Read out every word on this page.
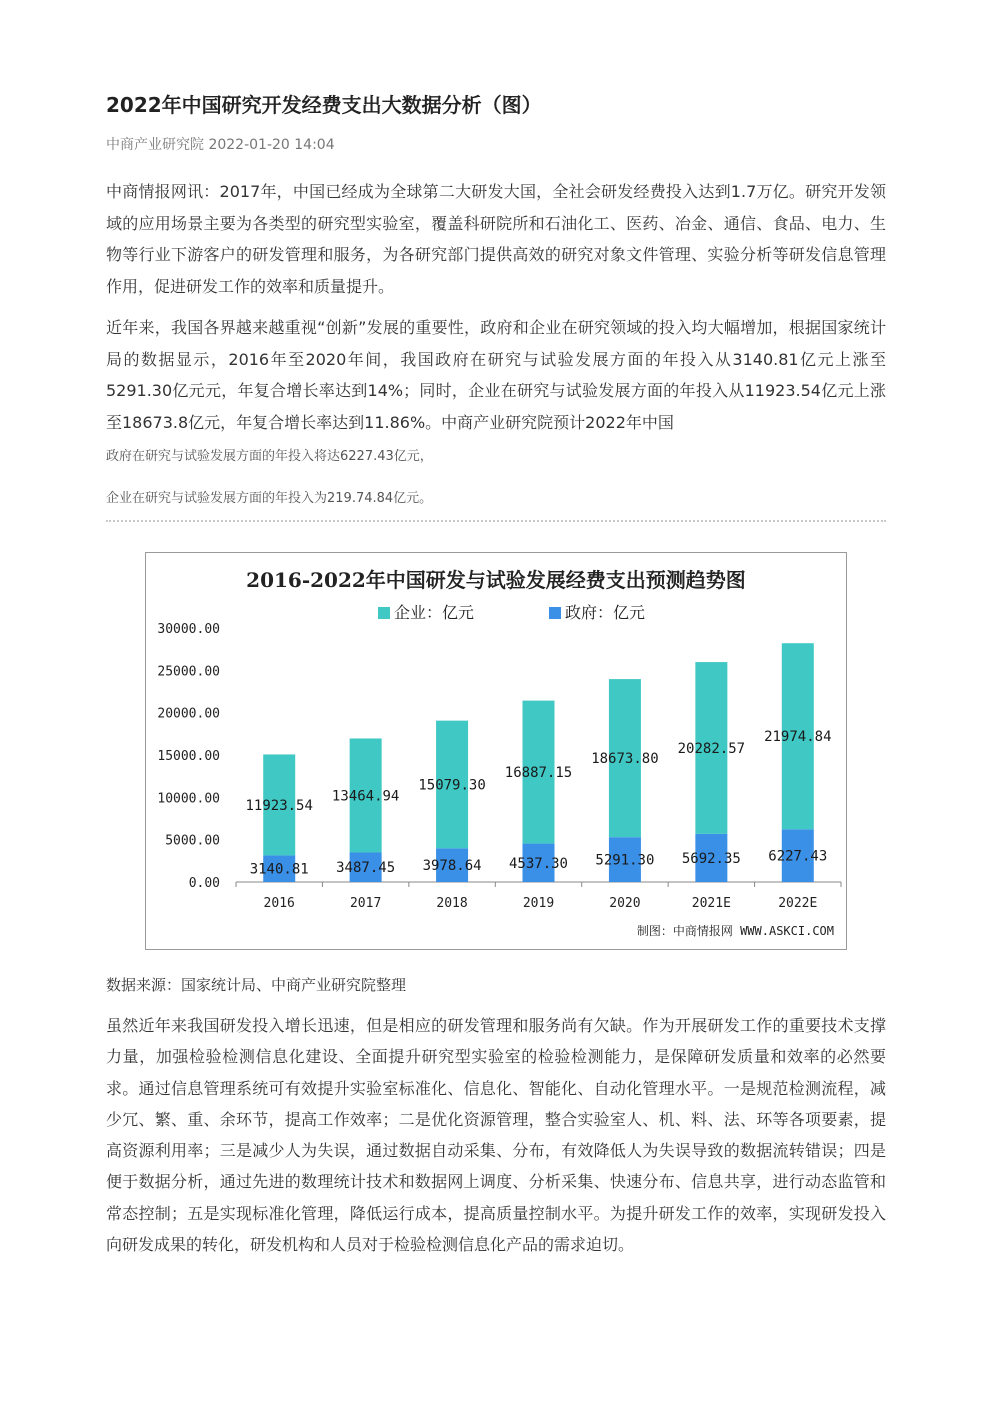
2022年中国研究开发经费支出大数据分析（图）
中商产业研究院 2022-01-20 14:04

中商情报网讯：2017年，中国已经成为全球第二大研发大国，全社会研发经费投入达到1.7万亿。研究开发领域的应用场景主要为各类型的研究型实验室，覆盖科研院所和石油化工、医药、冶金、通信、食品、电力、生物等行业下游客户的研发管理和服务，为各研究部门提供高效的研究对象文件管理、实验分析等研发信息管理作用，促进研发工作的效率和质量提升。

近年来，我国各界越来越重视“创新”发展的重要性，政府和企业在研究领域的投入均大幅增加，根据国家统计局的数据显示，2016年至2020年间，我国政府在研究与试验发展方面的年投入从3140.81亿元上涨至5291.30亿元元，年复合增长率达到14%；同时，企业在研究与试验发展方面的年投入从11923.54亿元上涨至18673.8亿元，年复合增长率达到11.86%。中商产业研究院预计2022年中国

政府在研究与试验发展方面的年投入将达6227.43亿元，
企业在研究与试验发展方面的年投入为219.74.84亿元。
2016-2022年中国研发与试验发展经费支出预测趋势图
企业：亿元	政府：亿元
0.00
5000.00
10000.00
15000.00
20000.00
25000.00
30000.00
2016	2017	2018	2019	2020	2021E	2022E
11923.54
3140.81
13464.94
3487.45
15079.30
3978.64
16887.15
4537.30
18673.80
5291.30
20282.57
5692.35
21974.84
6227.43
制图：中商情报网 WWW.ASKCI.COM
数据来源：国家统计局、中商产业研究院整理

虽然近年来我国研发投入增长迅速，但是相应的研发管理和服务尚有欠缺。作为开展研发工作的重要技术支撑力量，加强检验检测信息化建设、全面提升研究型实验室的检验检测能力，是保障研发质量和效率的必然要求。通过信息管理系统可有效提升实验室标准化、信息化、智能化、自动化管理水平。一是规范检测流程，减少冗、繁、重、余环节，提高工作效率；二是优化资源管理，整合实验室人、机、料、法、环等各项要素，提高资源利用率；三是减少人为失误，通过数据自动采集、分布，有效降低人为失误导致的数据流转错误；四是便于数据分析，通过先进的数理统计技术和数据网上调度、分析采集、快速分布、信息共享，进行动态监管和常态控制；五是实现标准化管理，降低运行成本，提高质量控制水平。为提升研发工作的效率，实现研发投入向研发成果的转化，研发机构和人员对于检验检测信息化产品的需求迫切。
